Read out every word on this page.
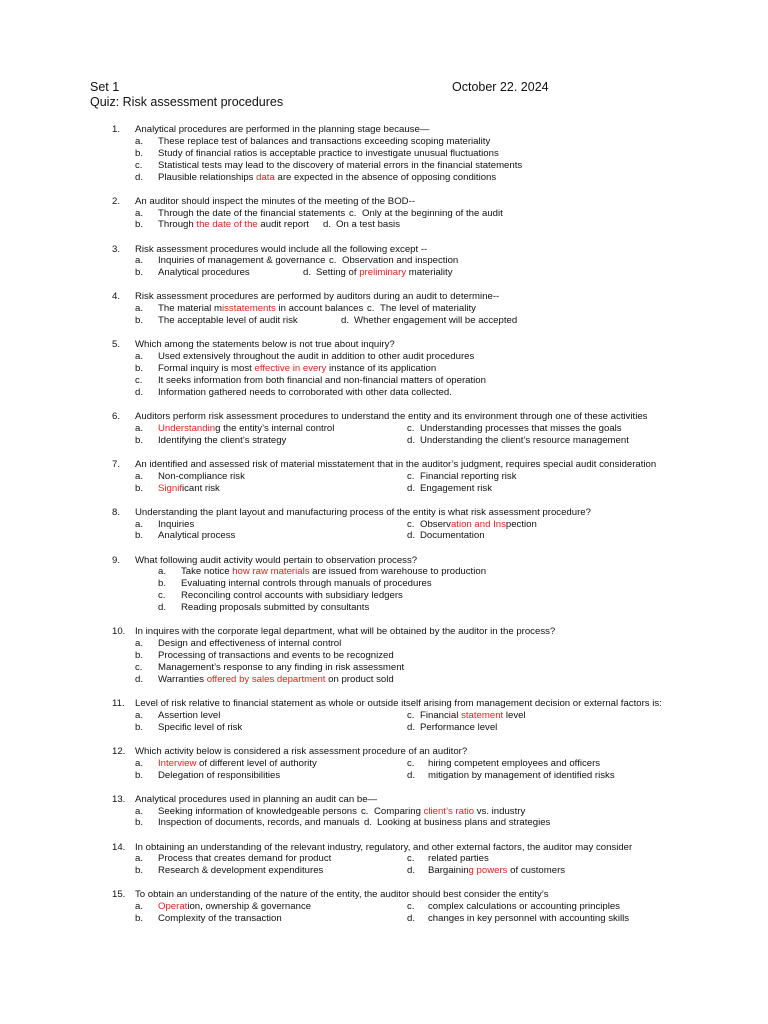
Set 1	October 22. 2024
Quiz: Risk assessment procedures
1. Analytical procedures are performed in the planning stage because—
a. These replace test of balances and transactions exceeding scoping materiality
b. Study of financial ratios is acceptable practice to investigate unusual fluctuations
c. Statistical tests may lead to the discovery of material errors in the financial statements
d. Plausible relationships data are expected in the absence of opposing conditions
2. An auditor should inspect the minutes of the meeting of the BOD--
a. Through the date of the financial statements c. Only at the beginning of the audit
b. Through the date of the audit report d. On a test basis
3. Risk assessment procedures would include all the following except --
a. Inquiries of management & governance c. Observation and inspection
b. Analytical procedures	d. Setting of preliminary materiality
4. Risk assessment procedures are performed by auditors during an audit to determine--
a. The material misstatements in account balances c. The level of materiality
b. The acceptable level of audit risk	d. Whether engagement will be accepted
5. Which among the statements below is not true about inquiry?
a. Used extensively throughout the audit in addition to other audit procedures
b. Formal inquiry is most effective in every instance of its application
c. It seeks information from both financial and non-financial matters of operation
d. Information gathered needs to corroborated with other data collected.
6. Auditors perform risk assessment procedures to understand the entity and its environment through one of these activities
a. Understanding the entity’s internal control	c. Understanding processes that misses the goals
b. Identifying the client’s strategy	d. Understanding the client’s resource management
7. An identified and assessed risk of material misstatement that in the auditor’s judgment, requires special audit consideration
a. Non-compliance risk	c. Financial reporting risk
b. Significant risk	d. Engagement risk
8. Understanding the plant layout and manufacturing process of the entity is what risk assessment procedure?
a. Inquiries	c. Observation and Inspection
b. Analytical process	d. Documentation
9. What following audit activity would pertain to observation process?
a. Take notice how raw materials are issued from warehouse to production
b. Evaluating internal controls through manuals of procedures
c. Reconciling control accounts with subsidiary ledgers
d. Reading proposals submitted by consultants
10. In inquires with the corporate legal department, what will be obtained by the auditor in the process?
a. Design and effectiveness of internal control
b. Processing of transactions and events to be recognized
c. Management’s response to any finding in risk assessment
d. Warranties offered by sales department on product sold
11. Level of risk relative to financial statement as whole or outside itself arising from management decision or external factors is:
a. Assertion level	c. Financial statement level
b. Specific level of risk	d. Performance level
12. Which activity below is considered a risk assessment procedure of an auditor?
a. Interview of different level of authority	c. hiring competent employees and officers
b. Delegation of responsibilities	d. mitigation by management of identified risks
13. Analytical procedures used in planning an audit can be—
a. Seeking information of knowledgeable persons c. Comparing client’s ratio vs. industry
b. Inspection of documents, records, and manuals d. Looking at business plans and strategies
14. In obtaining an understanding of the relevant industry, regulatory, and other external factors, the auditor may consider
a. Process that creates demand for product	c. related parties
b. Research & development expenditures	d. Bargaining powers of customers
15. To obtain an understanding of the nature of the entity, the auditor should best consider the entity’s
a. Operation, ownership & governance	c. complex calculations or accounting principles
b. Complexity of the transaction	d. changes in key personnel with accounting skills
